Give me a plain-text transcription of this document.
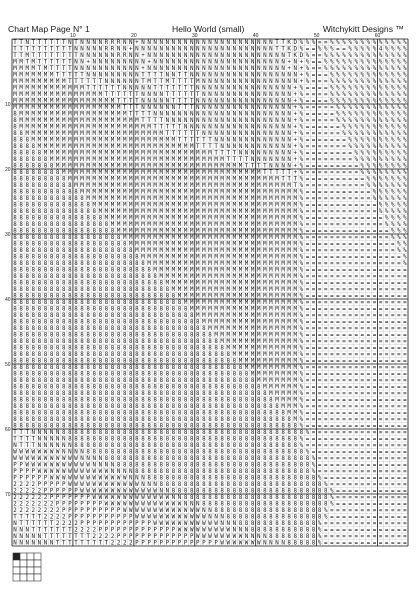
Chart Map Page N° 1	Hello World (small)	Witchykitt Designs ™
TTNTTTTTTNTNNNNRRRNN+NNNNNNNNNNNNNNNNNNNNNNTTKD%%%==%%%%%%%%%%%%%
TTTTTTTTTTNNNNNRRNN+NNNNNNNNNNNNNNNNNNNNNNNTTKD%==%%%==%%%%%4%%%%
TTMTTTTTTTTNNNNNNRRNN+NNNNNNNNNNNNNNNNNNNNNNNTKD%==%%%%%%%%%%%%%%
MMTMTTTTTTNN+NNNNNNNNN+NNNNNNNNNNNNNNNNNNNNNN+N+%==%%%%%%%%%%%%%%
MMMMTMTTTTNNNNNNNNNNN+NNNNNNNNNNNNNNNNNNNNNNN+N+%==%%%%%%%%%%%%%%
MMMMMMMTTTTTNNNNNNNNNTTTTNNTTNNNNNNNNNNNNNNNNNN+%===%%%%%%%%%%%%%
MMMMMMMMMTTTTTTNNNNNNTMTTMTTTTMNNNNNNNNNNNNNNNN+%===%%%%%%%%%%%%%
MMMMMMMMMMMMTTTTTTNNNNNTTTTTTTNNNNNNNNNNNNNNNN+%====%%%%%%%%%%%%%
MMMMMMMMMMMMMMMTTTTTTNNNNTTTTTTNNNNNNNNNNNNNNN+%====%%%%%%%%%%%%%
MMMMMMMMMMMMMMMMMTTTTNNNNNTTTTNNNNNNNNNNNNNNNN+%====%%%%%%%%%%%%%
MMMMMMMMMMMMMMMMMMTTTNNNNNNTTTNNNNNNNNNNNNNNNN+%=====%%%%%%%%%%%%
8MMMMMMMMMMMMMMMMMMTTTTNNNNNNNNNNNNNNNNNNNNNNN+%=====%%%%%%%%%%%%
8MMMMMMMMMMMMMMMMMMMMTTTTNNNNNNNNNNNNNNNNNNNNN+%=====%%%%%%%%%%%%
8MMMMMMMMMMMMMMMMMMMMMMTTTTTNNNNNNNNNNNNNNNNNN+%======%%%%%%%%%%%
88MMMMMMMMMMMMMMMMMMMMMMMTTTTTTNNNNNNNNNNNNNNN+%======%%%%%%%%%%%
888MMMMMMMMMMMMMMMMMMMMMMMMTTTTTTNNNNNNNNNNNNN+%=======%%%%%%%%%%
8888MMMMMMMMMMMMMMMMMMMMMMMMMMTTTTNNNNNNNNNNNN+%=======%%%%%%%%%%
88888MMMMMMMMMMMMMMMMMMMMMMMMMMMMTTTTNNNNNNNNN+%========%%%%%%%%%
888888MMMMMMMMMMMMMMMMMMMMMMMMMMMMMTTTTNNNNNNN+%========%%%%%%%%%
8888888MMMMMMMMMMMMMMMMMMMMMMMMMMMMMMMTTTTNNNN+%=========%%%%%%%%
88888888MMMMMMMMMMMMMMMMMMMMMMMMMMMMMMMMMTTTTT+%=========%%%%%%%%
888888888MMMMMMMMMMMMMMMMMMMMMMMMMMMMMMMMMMMTTT%==========%%%%%%%
8888888888MMMMMMMMMMMMMMMMMMMMMMMMMMMMMMMMMMMMT%==========%%%%%%%
88888888888MMMMMMMMMMMMMMMMMMMMMMMMMMMMMMMMMMMM%===========%%%%%%
888888888888MMMMMMMMMMMMMMMMMMMMMMMMMMMMMMMMMMM%===========%%%%%%
8888888888888MMMMMMMMMMMMMMMMMMMMMMMMMMMMMMMMMM%============%%%%%
88888888888888MMMMMMMMMMMMMMMMMMMMMMMMMMMMMMMMM%============%%%%%
888888888888888MMMMMMMMMMMMMMMMMMMMMMMMMMMMMMMM%=============%%%%
8888888888888888MMMMMMMMMMMMMMMMMMMMMMMMMMMMMMM%=============%%%%
88888888888888888MMMMMMMMMMMMMMMMMMMMMMMMMMMMMM%==============%%%
888888888888888888MMMMMMMMMMMMMMMMMMMMMMMMMMMMM%==============%%%
8888888888888888888MMMMMMMMMMMMMMMMMMMMMMMMMMMM%===============%%
88888888888888888888MMMMMMMMMMMMMMMMMMMMMMMMMMM%===============%%
888888888888888888888MMMMMMMMMMMMMMMMMMMMMMMMMM%================%
8888888888888888888888MMMMMMMMMMMMMMMMMMMMMMMMM%================%
88888888888888888888888MMMMMMMMMMMMMMMMMMMMMMMM%=================
888888888888888888888888MMMMMMMMMMMMMMMMMMMMMMM%=================
8888888888888888888888888MMMMMMMMMMMMMMMMMMMMMM%=================
88888888888888888888888888MMMMMMMMMMMMMMMMMMMMM%=================
888888888888888888888888888MMMMMMMMMMMMMMMMMMMM%=================
8888888888888888888888888888MMMMMMMMMMMMMMMMMMM%=================
88888888888888888888888888888MMMMMMMMMMMMMMMMMM%=================
888888888888888888888888888888MMMMMMMMMMMMMMMMM%=================
8888888888888888888888888888888MMMMMMMMMMMMMMMM%=================
88888888888888888888888888888888MMMMMMMMMMMMMMM%=================
888888888888888888888888888888888MMMMMMMMMMMMMM%=================
8888888888888888888888888888888888MMMMMMMMMMMMM%=================
88888888888888888888888888888888888MMMMMMMMMMMM%=================
888888888888888888888888888888888888MMMMMMMMMMM%=================
8888888888888888888888888888888888888MMMMMMMMMM%=================
88888888888888888888888888888888888888MMMMMMMMM%=================
888888888888888888888888888888888888888MMMMMMMM%=================
8888888888888888888888888888888888888888MMMMMMM%=================
88888888888888888888888888888888888888888MMMMMM%=================
888888888888888888888888888888888888888888MMMMM%=================
8888888888888888888888888888888888888888888MMMM%=================
88888888888888888888888888888888888888888888MMM%=================
888888888888888888888888888888888888888888888MM%=================
8888888888888888888888888888888888888888888888M%=================
88888888888888888888888888888888888888888888888%=================
TTTNNNNN8888888888888888888888888888888888888888%================
TTTTNNNNN88888888888888888888888888888888888888%=================
NTTTNNNNNN8888888888888888888888888888888888888%=================
WWWWWWWWNNNN888888888888888888888888888888888888%================
WWWWWWWWWWWNNNN8888888888888888888888888888888888%===============
PPWWWWWWWWWWWNNNN88888888888888888888888888888888%===============
PPPPWWWWWWWWWWWWNNNN88888888888888888888888888888%===============
PPPPPPWWWWWWWWWWWWWNNN8888888888888888888888888888%==============
2222PPPPPWWWWWWWWWWWWNNN888888888888888888888888888%=============
22222PPPPPPWWWWWWWWWWWWWNN88888888888888888888888888%============
222222PPPPPPPWWWWWWWWWWWWWNN888888888888888888888888%============
2222222PPPPPPPPWWWWWWWWWWWWWNNN888888888888888888888%============
22222222PPPPPPPPPPWWWWWWWWWWWWWNN888888888888888888%=============
TTTTT2222PPPPPPPPPPPWWWWWWWWWWWWNNN8888888888888888%=============
NTTTTTT2222PPPPPPPPPPPPWWWWWWWWWWWNNN8888888888888%==============
NNNTTTTTTT2222PPPPPPPPPPPPPWWWWWWWWWNNN88888888888%==============
NNNNNTTTTTTTT2222PPPPPPPPPPPPPWWWWWWWWNNNN88888888%==============
NNNNNNNTTTTTTTTT2222PPPPPPPPPPPPPPWWWWWWWNNNN88888%==============
10	20	30	40	50	60
10
20
30
40
50
60
70
